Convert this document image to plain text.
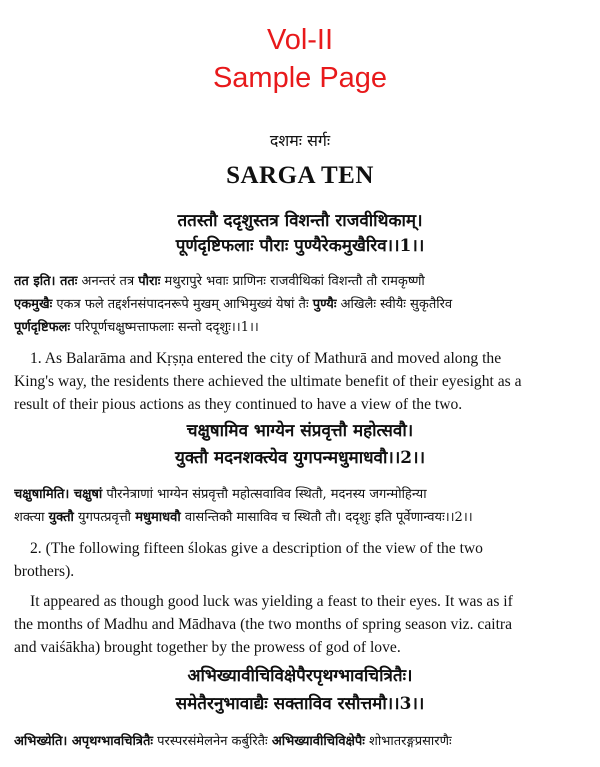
Vol-II
Sample Page
दशमः सर्गः
SARGA TEN
ततस्तौ ददृशुस्तत्र विशन्तौ राजवीथिकाम्।
पूर्णदृष्टिफलाः पौराः पुण्यैरेकमुखैरिव।।1।।
तत इति। ततः अनन्तरं तत्र पौराः मथुरापुरे भवाः प्राणिनः राजवीथिकां विशन्तौ तौ रामकृष्णौ
एकमुखैः एकत्र फले तद्दर्शनसंपादनरूपे मुखम् आभिमुख्यं येषां तैः पुण्यैः अखिलैः स्वीयैः सुकृतैरिव
पूर्णदृष्टिफलः परिपूर्णचक्षुष्मत्ताफलाः सन्तो ददृशुः।।1।।
1. As Balarāma and Kṛṣṇa entered the city of Mathurā and moved along the
King's way, the residents there achieved the ultimate benefit of their eyesight as a
result of their pious actions as they continued to have a view of the two.
चक्षुषामिव भाग्येन संप्रवृत्तौ महोत्सवौ।
युक्तौ मदनशक्त्येव युगपन्मधुमाधवौ।।2।।
चक्षुषामिति। चक्षुषां पौरनेत्राणां भाग्येन संप्रवृत्तौ महोत्सवाविव स्थितौ, मदनस्य जगन्मोहिन्या
शक्त्या युक्तौ युगपत्प्रवृत्तौ मधुमाधवौ वासन्तिकौ मासाविव च स्थितौ तौ। ददृशुः इति पूर्वेणान्वयः।।2।।
2. (The following fifteen ślokas give a description of the view of the two
brothers).
It appeared as though good luck was yielding a feast to their eyes. It was as if
the months of Madhu and Mādhava (the two months of spring season viz. caitra
and vaiśākha) brought together by the prowess of god of love.
अभिख्यावीचिविक्षेपैरपृथग्भावचित्रितैः।
समेतैरनुभावाद्यैः सक्ताविव रसौत्तमौ।।3।।
अभिख्येति। अपृथग्भावचित्रितैः परस्परसंमेलनेन कर्बुरितैः अभिख्यावीचिविक्षेपैः शोभातरङ्गप्रसारणैः
